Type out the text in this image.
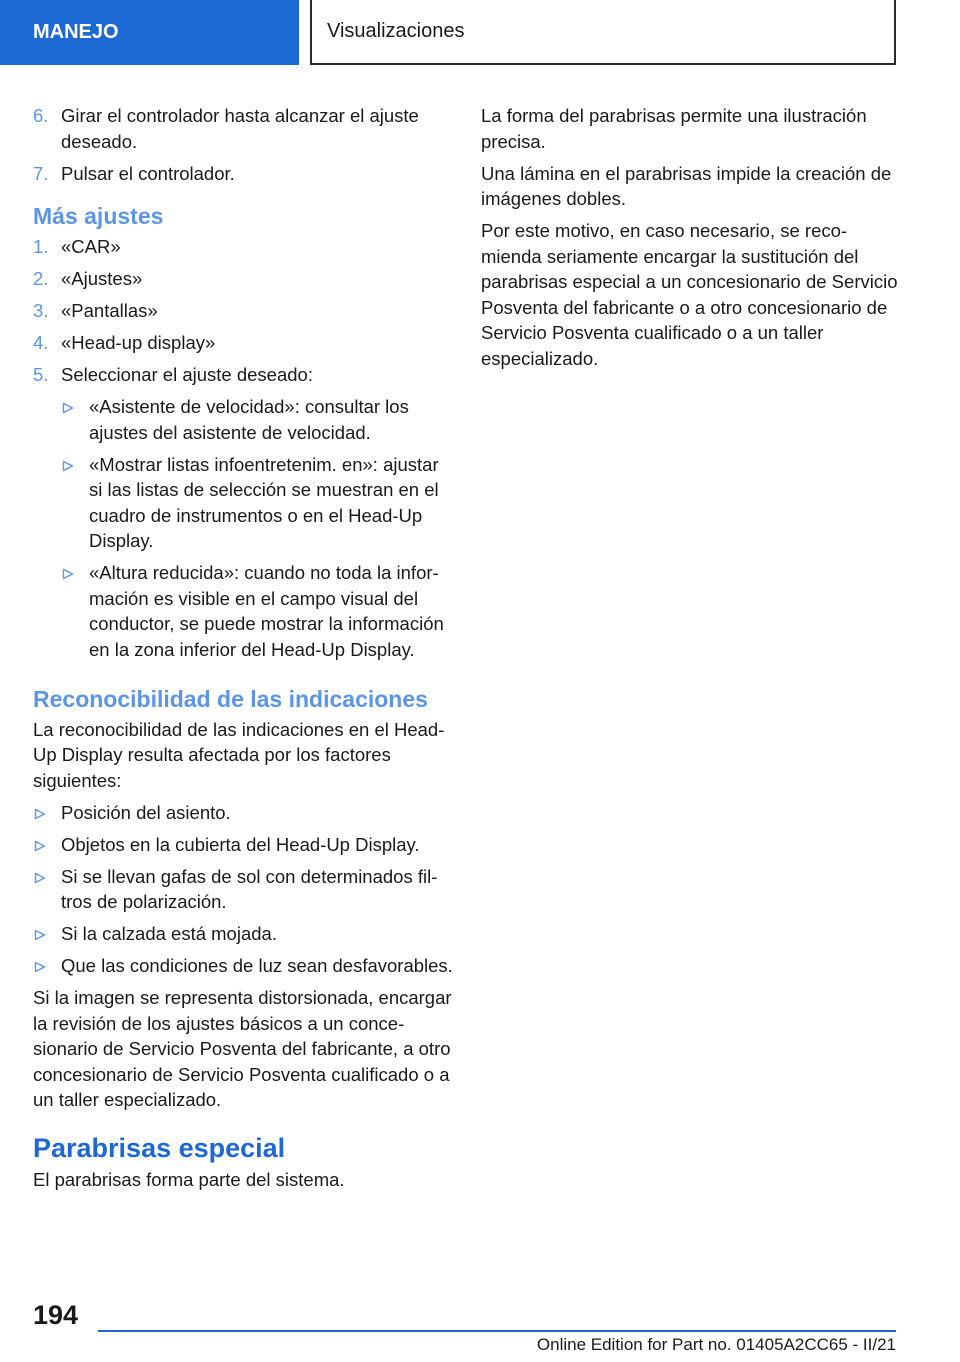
MANEJO	Visualizaciones
6. Girar el controlador hasta alcanzar el ajuste deseado.
7. Pulsar el controlador.
Más ajustes
1. «CAR»
2. «Ajustes»
3. «Pantallas»
4. «Head-up display»
5. Seleccionar el ajuste deseado:
«Asistente de velocidad»: consultar los ajustes del asistente de velocidad.
«Mostrar listas infoentretenim. en»: ajustar si las listas de selección se muestran en el cuadro de instrumentos o en el Head-Up Display.
«Altura reducida»: cuando no toda la información es visible en el campo visual del conductor, se puede mostrar la información en la zona inferior del Head-Up Display.
Reconocibilidad de las indicaciones

La reconocibilidad de las indicaciones en el Head-Up Display resulta afectada por los factores siguientes:

Posición del asiento.
Objetos en la cubierta del Head-Up Display.
Si se llevan gafas de sol con determinados filtros de polarización.
Si la calzada está mojada.
Que las condiciones de luz sean desfavorables.

Si la imagen se representa distorsionada, encargar la revisión de los ajustes básicos a un concesionario de Servicio Posventa del fabricante, a otro concesionario de Servicio Posventa cualificado o a un taller especializado.

Parabrisas especial

El parabrisas forma parte del sistema.

La forma del parabrisas permite una ilustración precisa.

Una lámina en el parabrisas impide la creación de imágenes dobles.

Por este motivo, en caso necesario, se recomienda seriamente encargar la sustitución del parabrisas especial a un concesionario de Servicio Posventa del fabricante o a otro concesionario de Servicio Posventa cualificado o a un taller especializado.

194
Online Edition for Part no. 01405A2CC65 - II/21
